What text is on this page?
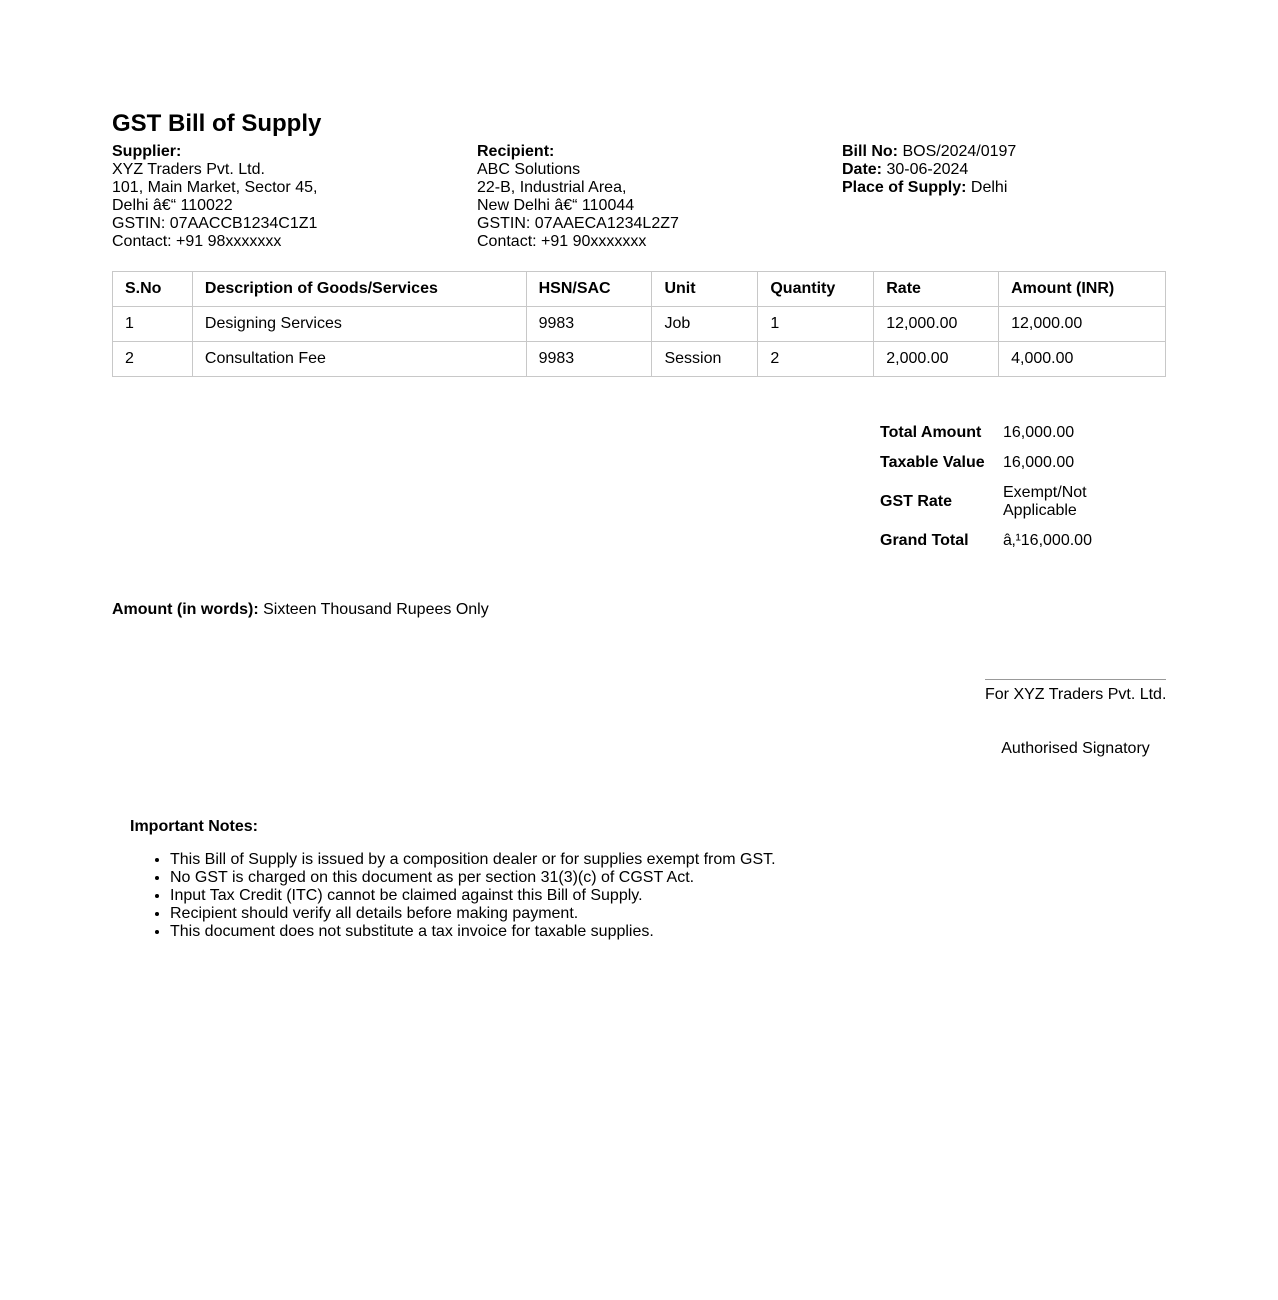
GST Bill of Supply
Supplier:
XYZ Traders Pvt. Ltd.
101, Main Market, Sector 45,
Delhi â€“ 110022
GSTIN: 07AACCB1234C1Z1
Contact: +91 98xxxxxxx
Recipient:
ABC Solutions
22-B, Industrial Area,
New Delhi â€“ 110044
GSTIN: 07AAECA1234L2Z7
Contact: +91 90xxxxxxx
Bill No: BOS/2024/0197
Date: 30-06-2024
Place of Supply: Delhi
S.No	Description of Goods/Services	HSN/SAC	Unit	Quantity	Rate	Amount (INR)
1	Designing Services	9983	Job	1	12,000.00	12,000.00
2	Consultation Fee	9983	Session	2	2,000.00	4,000.00
Total Amount	16,000.00
Taxable Value	16,000.00
GST Rate	Exempt/Not Applicable
Grand Total	â‚¹16,000.00
Amount (in words): Sixteen Thousand Rupees Only
For XYZ Traders Pvt. Ltd.
Authorised Signatory
Important Notes:
• This Bill of Supply is issued by a composition dealer or for supplies exempt from GST.
• No GST is charged on this document as per section 31(3)(c) of CGST Act.
• Input Tax Credit (ITC) cannot be claimed against this Bill of Supply.
• Recipient should verify all details before making payment.
• This document does not substitute a tax invoice for taxable supplies.
